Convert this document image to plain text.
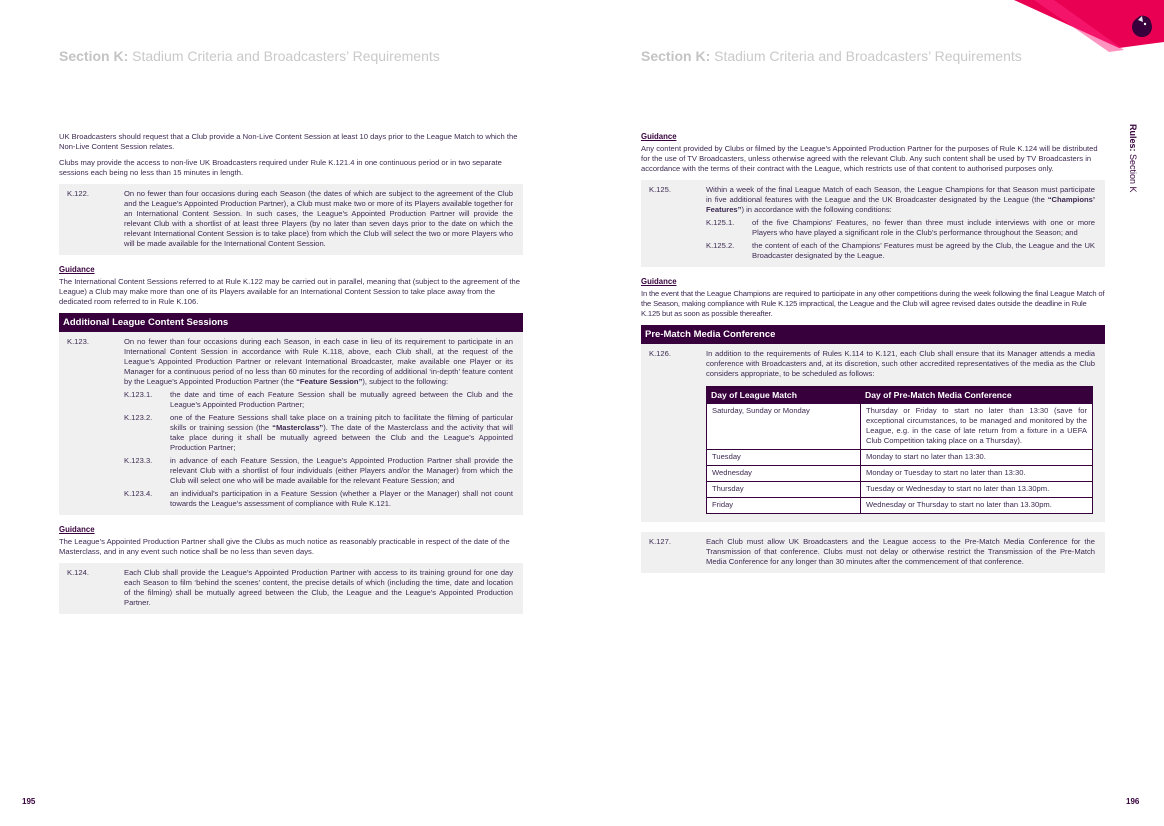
Section K: Stadium Criteria and Broadcasters’ Requirements

UK Broadcasters should request that a Club provide a Non-Live Content Session at least 10 days prior to the League Match to which the Non-Live Content Session relates.

Clubs may provide the access to non-live UK Broadcasters required under Rule K.121.4 in one continuous period or in two separate sessions each being no less than 15 minutes in length.

K.122.	On no fewer than four occasions during each Season (the dates of which are subject to the agreement of the Club and the League’s Appointed Production Partner), a Club must make two or more of its Players available together for an International Content Session. In such cases, the League’s Appointed Production Partner will provide the relevant Club with a shortlist of at least three Players (by no later than seven days prior to the date on which the relevant International Content Session is to take place) from which the Club will select the two or more Players who will be made available for the International Content Session.
Guidance

The International Content Sessions referred to at Rule K.122 may be carried out in parallel, meaning that (subject to the agreement of the League) a Club may make more than one of its Players available for an International Content Session to take place away from the dedicated room referred to in Rule K.106.

Additional League Content Sessions
K.123.	On no fewer than four occasions during each Season, in each case in lieu of its requirement to participate in an International Content Session in accordance with Rule K.118, above, each Club shall, at the request of the League’s Appointed Production Partner or relevant International Broadcaster, make available one Player or its Manager for a continuous period of no less than 60 minutes for the recording of additional ‘in-depth’ feature content by the League’s Appointed Production Partner (the “Feature Session”), subject to the following:
K.123.1.	the date and time of each Feature Session shall be mutually agreed between the Club and the League’s Appointed Production Partner;
K.123.2.	one of the Feature Sessions shall take place on a training pitch to facilitate the filming of particular skills or training session (the “Masterclass”). The date of the Masterclass and the activity that will take place during it shall be mutually agreed between the Club and the League’s Appointed Production Partner;
K.123.3.	in advance of each Feature Session, the League’s Appointed Production Partner shall provide the relevant Club with a shortlist of four individuals (either Players and/or the Manager) from which the Club will select one who will be made available for the relevant Feature Session; and
K.123.4.	an individual’s participation in a Feature Session (whether a Player or the Manager) shall not count towards the League’s assessment of compliance with Rule K.121.
Guidance

The League’s Appointed Production Partner shall give the Clubs as much notice as reasonably practicable in respect of the date of the Masterclass, and in any event such notice shall be no less than seven days.

K.124.	Each Club shall provide the League’s Appointed Production Partner with access to its training ground for one day each Season to film ‘behind the scenes’ content, the precise details of which (including the time, date and location of the filming) shall be mutually agreed between the Club, the League and the League’s Appointed Production Partner.
195
Section K: Stadium Criteria and Broadcasters’ Requirements
Guidance

Any content provided by Clubs or filmed by the League’s Appointed Production Partner for the purposes of Rule K.124 will be distributed for the use of TV Broadcasters, unless otherwise agreed with the relevant Club. Any such content shall be used by TV Broadcasters in accordance with the terms of their contract with the League, which restricts use of that content to authorised purposes only.

K.125.	Within a week of the final League Match of each Season, the League Champions for that Season must participate in five additional features with the League and the UK Broadcaster designated by the League (the “Champions’ Features”) in accordance with the following conditions:
K.125.1.	of the five Champions’ Features, no fewer than three must include interviews with one or more Players who have played a significant role in the Club’s performance throughout the Season; and
K.125.2.	the content of each of the Champions’ Features must be agreed by the Club, the League and the UK Broadcaster designated by the League.
Guidance

In the event that the League Champions are required to participate in any other competitions during the week following the final League Match of the Season, making compliance with Rule K.125 impractical, the League and the Club will agree revised dates outside the deadline in Rule K.125 but as soon as possible thereafter.

Pre-Match Media Conference
K.126.	In addition to the requirements of Rules K.114 to K.121, each Club shall ensure that its Manager attends a media conference with Broadcasters and, at its discretion, such other accredited representatives of the media as the Club considers appropriate, to be scheduled as follows:
Day of League Match	Day of Pre-Match Media Conference
Saturday, Sunday or Monday	Thursday or Friday to start no later than 13:30 (save for exceptional circumstances, to be managed and monitored by the League, e.g. in the case of late return from a fixture in a UEFA Club Competition taking place on a Thursday).
Tuesday	Monday to start no later than 13:30.
Wednesday	Monday or Tuesday to start no later than 13:30.
Thursday	Tuesday or Wednesday to start no later than 13.30pm.
Friday	Wednesday or Thursday to start no later than 13.30pm.
K.127.	Each Club must allow UK Broadcasters and the League access to the Pre-Match Media Conference for the Transmission of that conference. Clubs must not delay or otherwise restrict the Transmission of the Pre-Match Media Conference for any longer than 30 minutes after the commencement of that conference.
196
Rules: Section K
